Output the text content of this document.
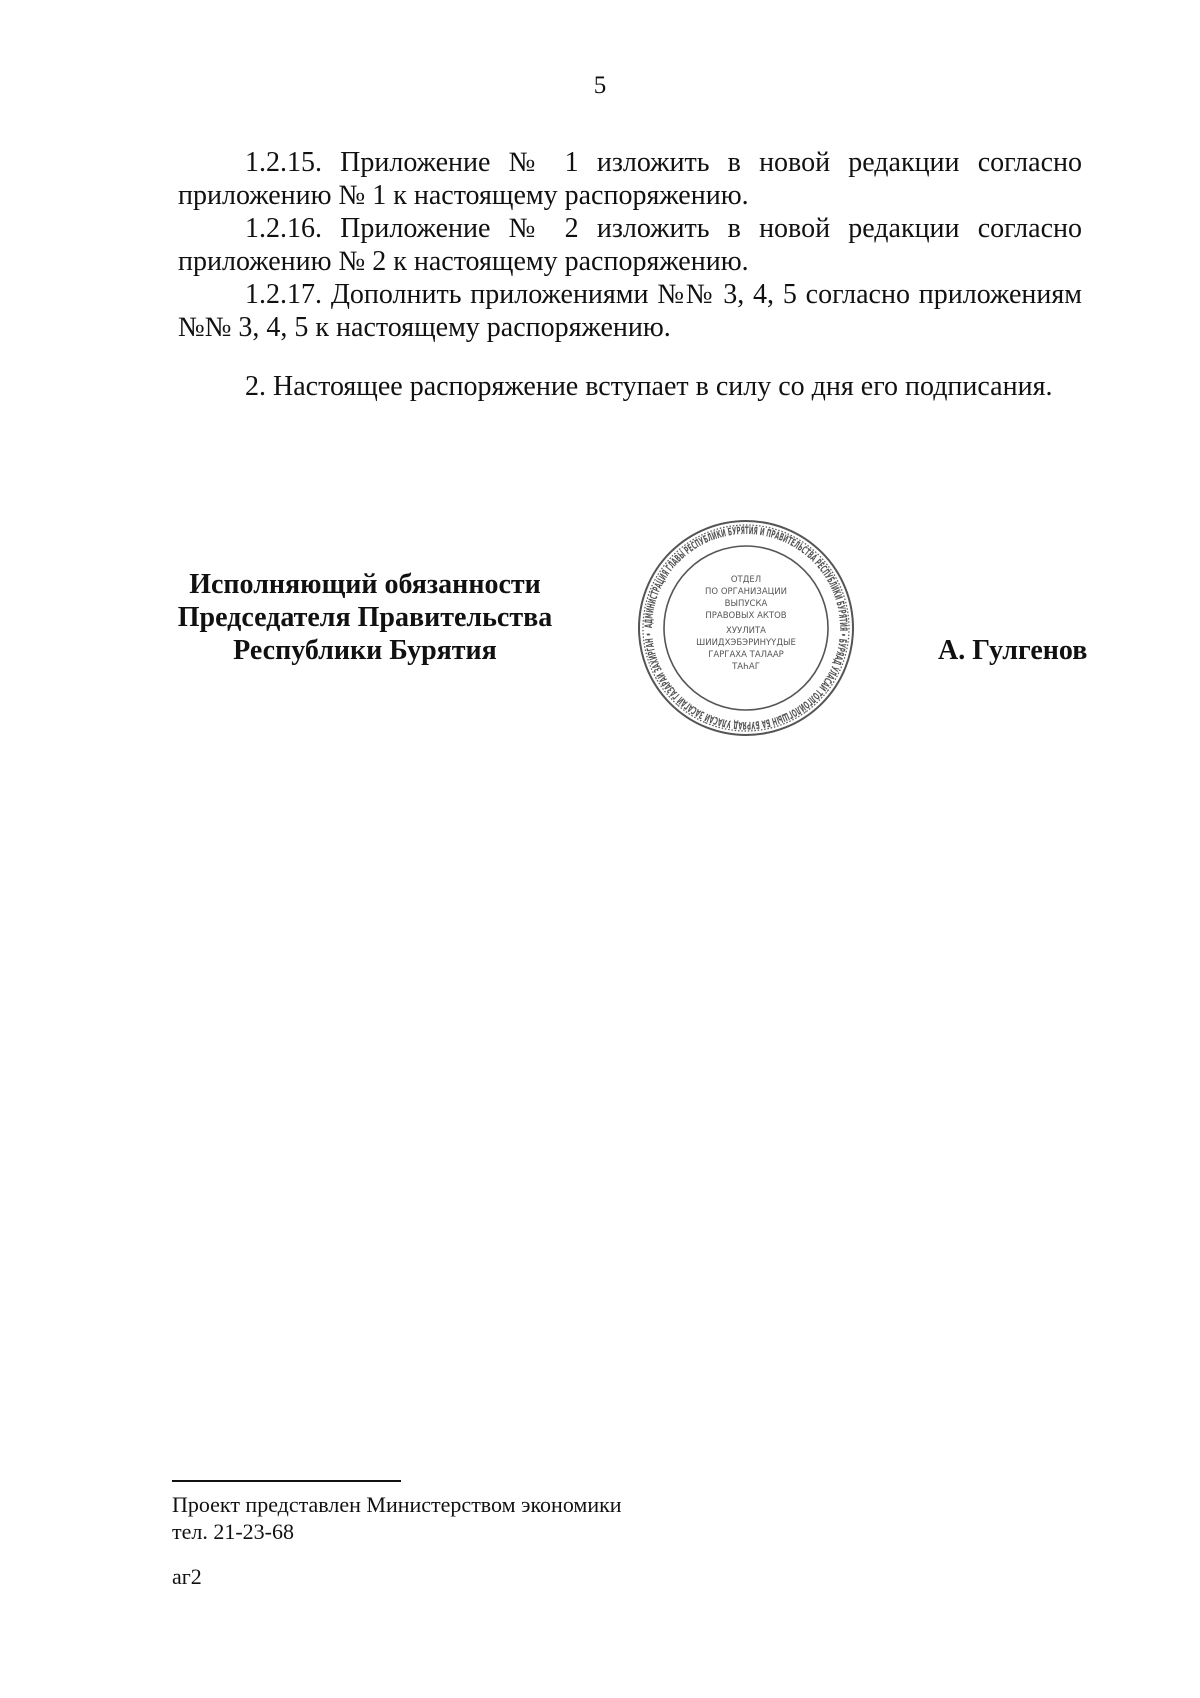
5

1.2.15. Приложение № 1 изложить в новой редакции согласно приложению № 1 к настоящему распоряжению.

1.2.16. Приложение № 2 изложить в новой редакции согласно приложению № 2 к настоящему распоряжению.

1.2.17. Дополнить приложениями №№ 3, 4, 5 согласно приложениям №№ 3, 4, 5 к настоящему распоряжению.

2. Настоящее распоряжение вступает в силу со дня его подписания.

Исполняющий обязанности
Председателя Правительства
Республики Бурятия
АДМИНИСТРАЦИЯ ГЛАВЫ РЕСПУБЛИКИ БУРЯТИЯ И ПРАВИТЕЛЬСТВА РЕСПУБЛИКИ БУРЯТИЯ • БУРЯАД УЛАСАЙ ТОЛГОЙЛОГШЫН БА БУРЯАД УЛАСАЙ ЗАСАГАЙ ГАЗАРАЙ ЗАХИРГАН •
ОТДЕЛ
ПО ОРГАНИЗАЦИИ
ВЫПУСКА
ПРАВОВЫХ АКТОВ
ХУУЛИТА
ШИИДХЭБЭРИНҮҮДЫЕ
ГАРГАХА ТАЛААР
ТАҺАГ
А. Гулгенов
Проект представлен Министерством экономики
тел. 21-23-68
аг2
